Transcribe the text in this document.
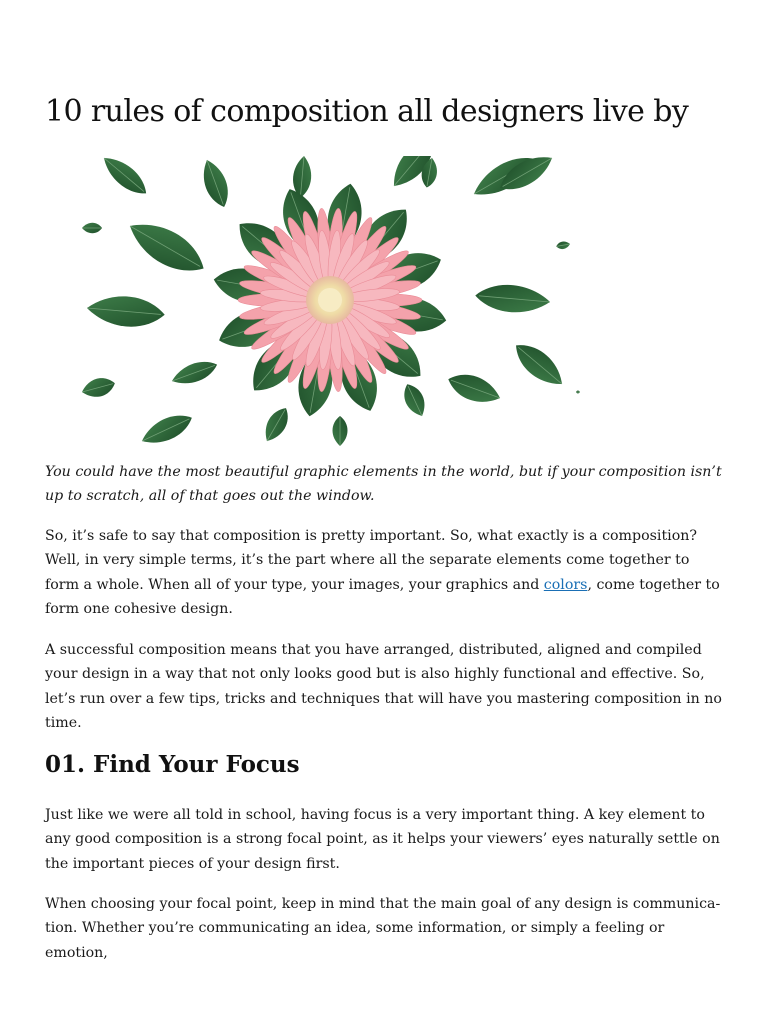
10 rules of composition all designers live by

You could have the most beautiful graphic elements in the world, but if your composition isn’t up to scratch, all of that goes out the window.

So, it’s safe to say that composition is pretty important. So, what exactly is a composition? Well, in very simple terms, it’s the part where all the separate elements come together to form a whole. When all of your type, your images, your graphics and colors, come together to form one cohesive design.

A successful composition means that you have arranged, distributed, aligned and compiled your design in a way that not only looks good but is also highly functional and effective. So, let’s run over a few tips, tricks and techniques that will have you mastering composition in no time.

01. Find Your Focus

Just like we were all told in school, having focus is a very important thing. A key element to any good composition is a strong focal point, as it helps your viewers’ eyes naturally settle on the important pieces of your design first.

When choosing your focal point, keep in mind that the main goal of any design is communica-tion. Whether you’re communicating an idea, some information, or simply a feeling or emotion,
